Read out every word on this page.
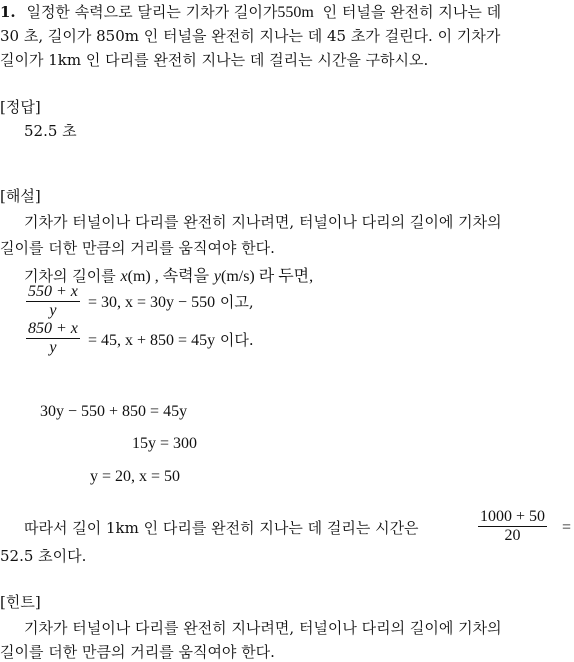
1. 일정한 속력으로 달리는 기차가 길이가550m 인 터널을 완전히 지나는 데
30 초, 길이가 850m 인 터널을 완전히 지나는 데 45 초가 걸린다. 이 기차가
길이가 1km 인 다리를 완전히 지나는 데 걸리는 시간을 구하시오.
[정답]
52.5 초
[해설]
기차가 터널이나 다리를 완전히 지나려면, 터널이나 다리의 길이에 기차의
길이를 더한 만큼의 거리를 움직여야 한다.
기차의 길이를 x(m) , 속력을 y(m/s) 라 두면,
$\frac{550 + x}{y} = 30$, x = 30y − 550 이고,
$\frac{850 + x}{y} = 45$, x + 850 = 45y 이다.
30y − 550 + 850 = 45y
15y = 300
y = 20, x = 50
따라서 길이 1km 인 다리를 완전히 지나는 데 걸리는 시간은	$\frac{1000 + 50}{20}$ =
52.5 초이다.
[힌트]
기차가 터널이나 다리를 완전히 지나려면, 터널이나 다리의 길이에 기차의
길이를 더한 만큼의 거리를 움직여야 한다.
